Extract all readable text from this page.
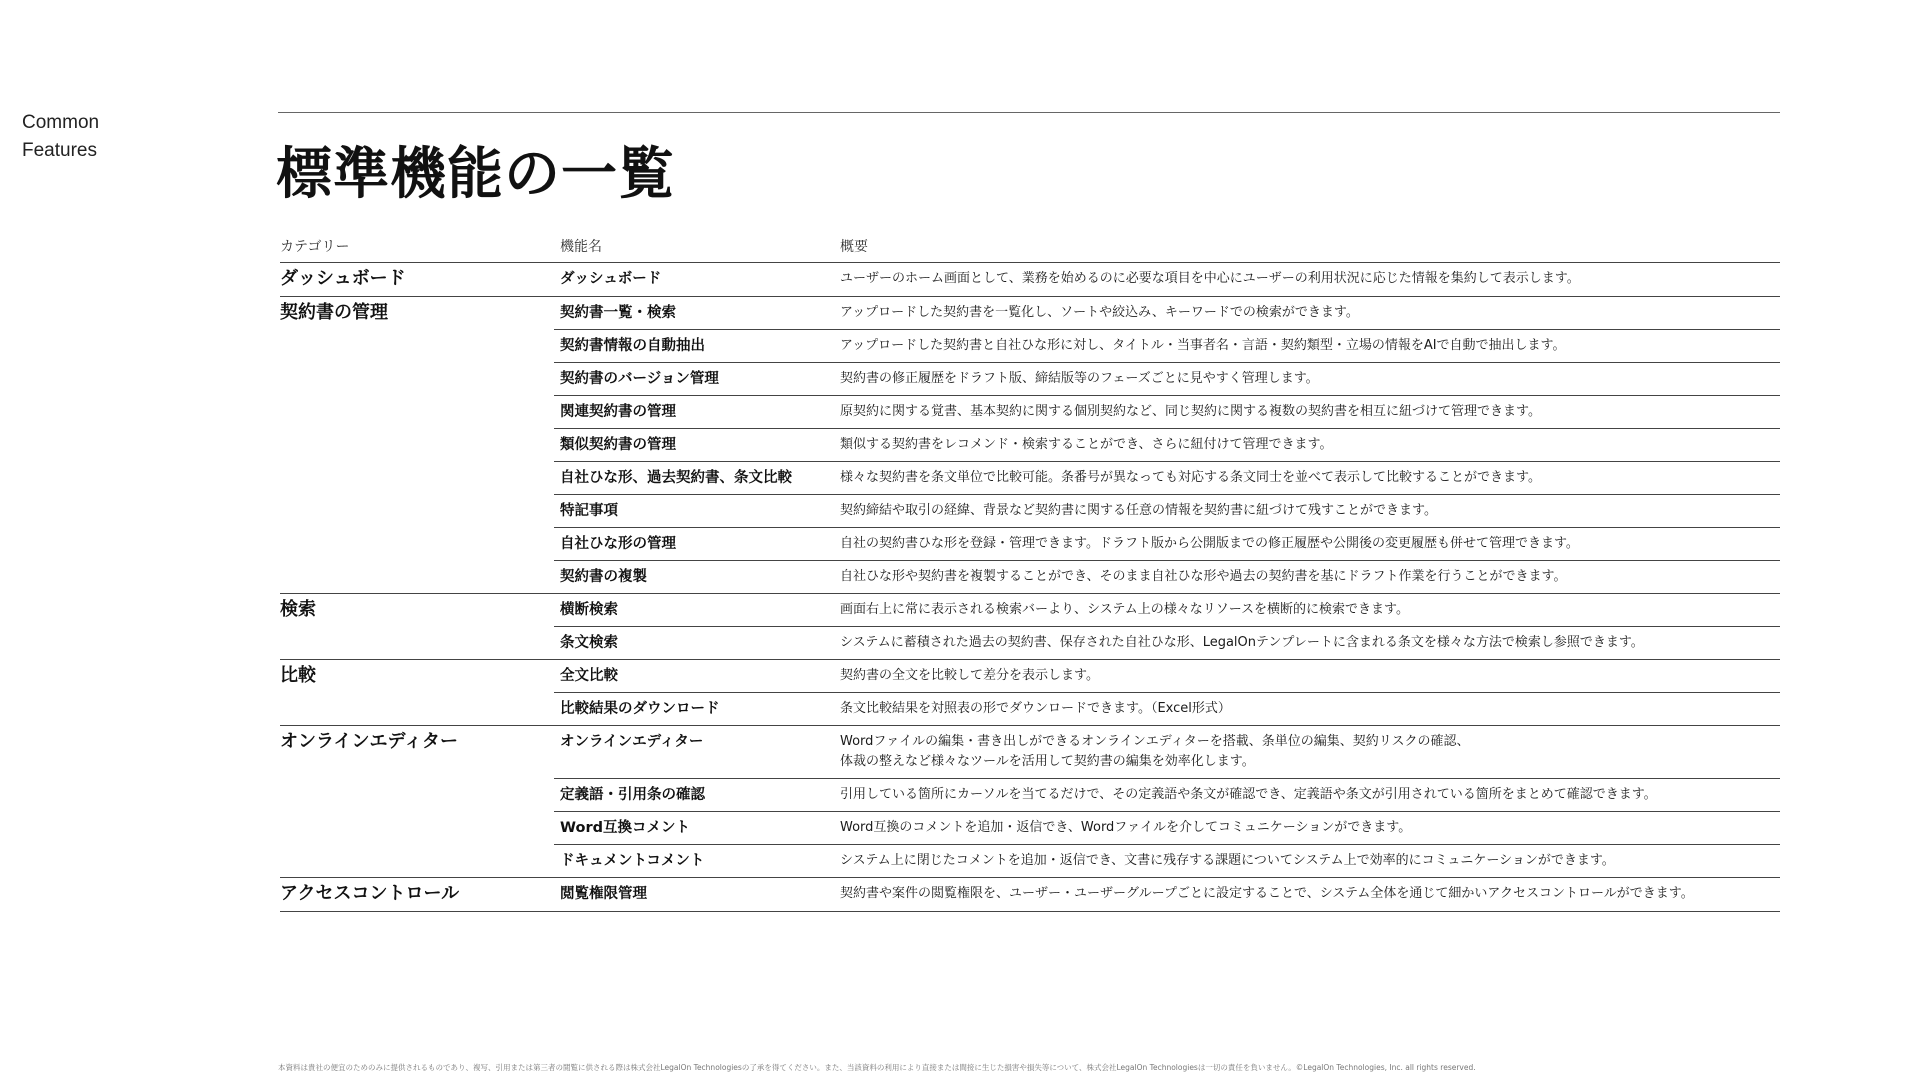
Common
Features	標準機能の一覧
カテゴリー	機能名	概要
ダッシュボード	ダッシュボード	ユーザーのホーム画面として、業務を始めるのに必要な項目を中心にユーザーの利用状況に応じた情報を集約して表示します。
契約書の管理	契約書一覧・検索	アップロードした契約書を一覧化し、ソートや絞込み、キーワードでの検索ができます。
	契約書情報の自動抽出	アップロードした契約書と自社ひな形に対し、タイトル・当事者名・言語・契約類型・立場の情報をAIで自動で抽出します。
	契約書のバージョン管理	契約書の修正履歴をドラフト版、締結版等のフェーズごとに見やすく管理します。
	関連契約書の管理	原契約に関する覚書、基本契約に関する個別契約など、同じ契約に関する複数の契約書を相互に紐づけて管理できます。
	類似契約書の管理	類似する契約書をレコメンド・検索することができ、さらに紐付けて管理できます。
	自社ひな形、過去契約書、条文比較	様々な契約書を条文単位で比較可能。条番号が異なっても対応する条文同士を並べて表示して比較することができます。
	特記事項	契約締結や取引の経緯、背景など契約書に関する任意の情報を契約書に紐づけて残すことができます。
	自社ひな形の管理	自社の契約書ひな形を登録・管理できます。ドラフト版から公開版までの修正履歴や公開後の変更履歴も併せて管理できます。
	契約書の複製	自社ひな形や契約書を複製することができ、そのまま自社ひな形や過去の契約書を基にドラフト作業を行うことができます。
検索	横断検索	画面右上に常に表示される検索バーより、システム上の様々なリソースを横断的に検索できます。
	条文検索	システムに蓄積された過去の契約書、保存された自社ひな形、LegalOnテンプレートに含まれる条文を様々な方法で検索し参照できます。
比較	全文比較	契約書の全文を比較して差分を表示します。
	比較結果のダウンロード	条文比較結果を対照表の形でダウンロードできます。（Excel形式）
オンラインエディター	オンラインエディター	Wordファイルの編集・書き出しができるオンラインエディターを搭載、条単位の編集、契約リスクの確認、
体裁の整えなど様々なツールを活用して契約書の編集を効率化します。
	定義語・引用条の確認	引用している箇所にカーソルを当てるだけで、その定義語や条文が確認でき、定義語や条文が引用されている箇所をまとめて確認できます。
	Word互換コメント	Word互換のコメントを追加・返信でき、Wordファイルを介してコミュニケーションができます。
	ドキュメントコメント	システム上に閉じたコメントを追加・返信でき、文書に残存する課題についてシステム上で効率的にコミュニケーションができます。
アクセスコントロール	閲覧権限管理	契約書や案件の閲覧権限を、ユーザー・ユーザーグループごとに設定することで、システム全体を通じて細かいアクセスコントロールができます。
本資料は貴社の便宜のためのみに提供されるものであり、複写、引用または第三者の閲覧に供される際は株式会社LegalOn Technologiesの了承を得てください。また、当該資料の利用により直接または間接に生じた損害や損失等について、株式会社LegalOn Technologiesは一切の責任を負いません。©LegalOn Technologies, Inc. all rights reserved.
